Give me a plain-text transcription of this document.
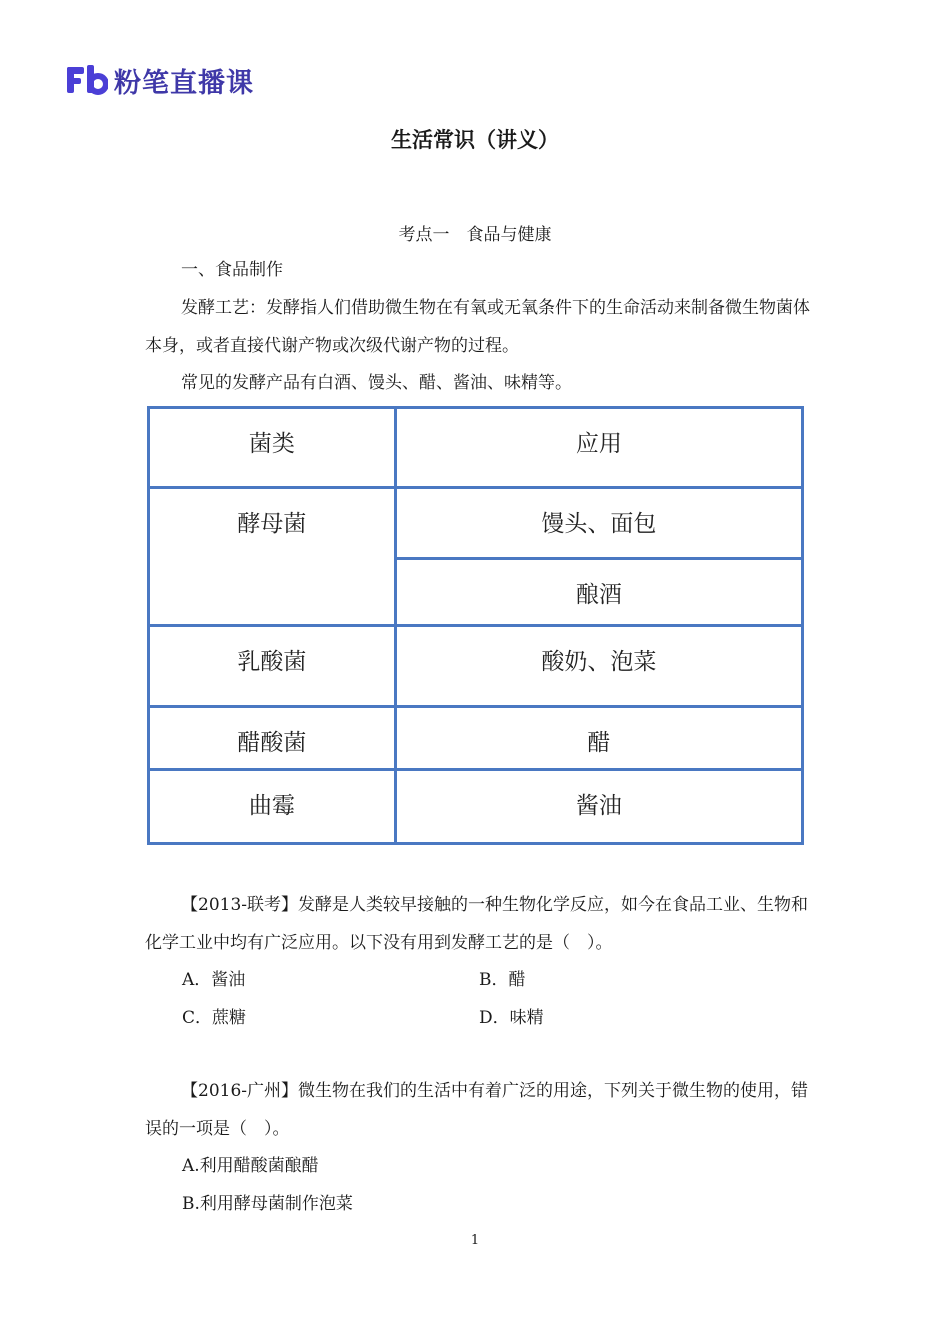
粉笔直播课
生活常识（讲义）
考点一　食品与健康

一、食品制作

发酵工艺：发酵指人们借助微生物在有氧或无氧条件下的生命活动来制备微生物菌体本身，或者直接代谢产物或次级代谢产物的过程。

常见的发酵产品有白酒、馒头、醋、酱油、味精等。

菌类	应用
酵母菌	馒头、面包
	酿酒
乳酸菌	酸奶、泡菜
醋酸菌	醋
曲霉	酱油

【2013-联考】发酵是人类较早接触的一种生物化学反应，如今在食品工业、生物和化学工业中均有广泛应用。以下没有用到发酵工艺的是（　）。

A．酱油	B．醋
C．蔗糖	D．味精

【2016-广州】微生物在我们的生活中有着广泛的用途，下列关于微生物的使用，错误的一项是（　）。

A.利用醋酸菌酿醋
B.利用酵母菌制作泡菜
1
